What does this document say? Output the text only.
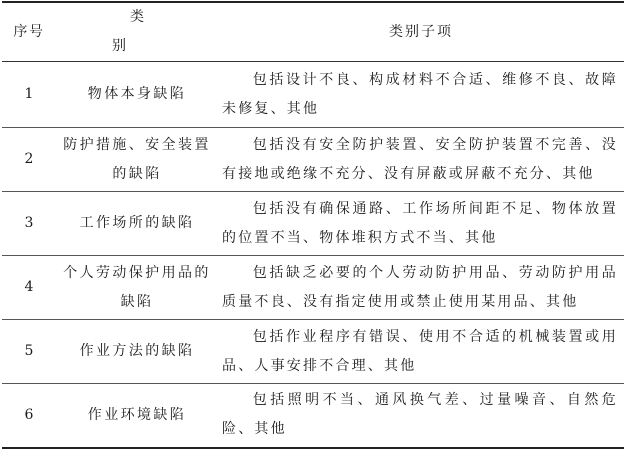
序号	类 别	类别子项
1	物体本身缺陷	包括设计不良、构成材料不合适、维修不良、故障未修复、其他
2	防护措施、安全装置的缺陷	包括没有安全防护装置、安全防护装置不完善、没有接地或绝缘不充分、没有屏蔽或屏蔽不充分、其他
3	工作场所的缺陷	包括没有确保通路、工作场所间距不足、物体放置的位置不当、物体堆积方式不当、其他
4	个人劳动保护用品的缺陷	包括缺乏必要的个人劳动防护用品、劳动防护用品质量不良、没有指定使用或禁止使用某用品、其他
5	作业方法的缺陷	包括作业程序有错误、使用不合适的机械装置或用品、人事安排不合理、其他
6	作业环境缺陷	包括照明不当、通风换气差、过量噪音、自然危险、其他
